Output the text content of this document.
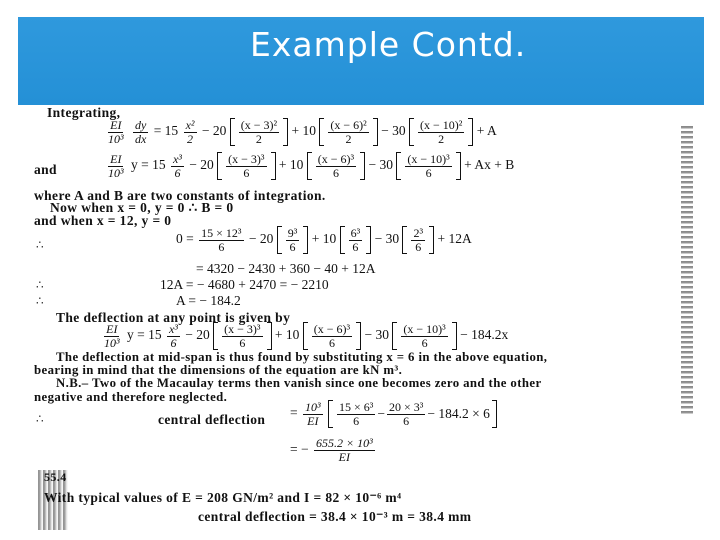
Example Contd.
Integrating,
$\frac{EI}{\text{10³}}$
$\frac{dy}{dx} = 15 \frac{\text{x²}}{2} - 20 \frac{\text{(x − 3)²}}{2} + 10 \frac{\text{(x − 6)²}}{2} - 30 \frac{\text{(x − 10)²}}{2} + A$
and	$\frac{EI}{\text{10³}}$ $y = 15 \frac{\text{x³}}{6} - 20 \frac{\text{(x − 3)³}}{6} + 10 \frac{\text{(x − 6)³}}{6} - 30 \frac{\text{(x − 10)³}}{6} + Ax + B$
where A and B are two constants of integration.
Now when x = 0, y = 0 ∴ B = 0
and when x = 12, y = 0
∴	$0 = \frac{\text{15 × 12³}}{6} - 20 \frac{\text{9³}}{6} + 10 \frac{\text{6³}}{6} - 30 \frac{\text{2³}}{6} + 12A$
= 4320 − 2430 + 360 − 40 + 12A
∴	12A = − 4680 + 2470 = − 2210
∴	A = − 184.2
The deflection at any point is given by
$\frac{EI}{\text{10³}}$ $y = 15 \frac{\text{x³}}{6} - 20 \frac{\text{(x − 3)³}}{6} + 10 \frac{\text{(x − 6)³}}{6} - 30 \frac{\text{(x − 10)³}}{6} - 184.2x$
The deflection at mid-span is thus found by substituting x = 6 in the above equation,
bearing in mind that the dimensions of the equation are kN m³.
N.B.– Two of the Macaulay terms then vanish since one becomes zero and the other
negative and therefore neglected.
∴	central deflection = $\frac{\text{10³}}{EI}$
$\frac{\text{15 × 6³}}{6} - \frac{\text{20 × 3³}}{6} - 184.2 \times 6$
= − $\frac{\text{655.2 × 10³}}{EI}$
55.4
With typical values of E = 208 GN/m² and I = 82 × 10⁻⁶ m⁴
central deflection = 38.4 × 10⁻³ m = 38.4 mm
